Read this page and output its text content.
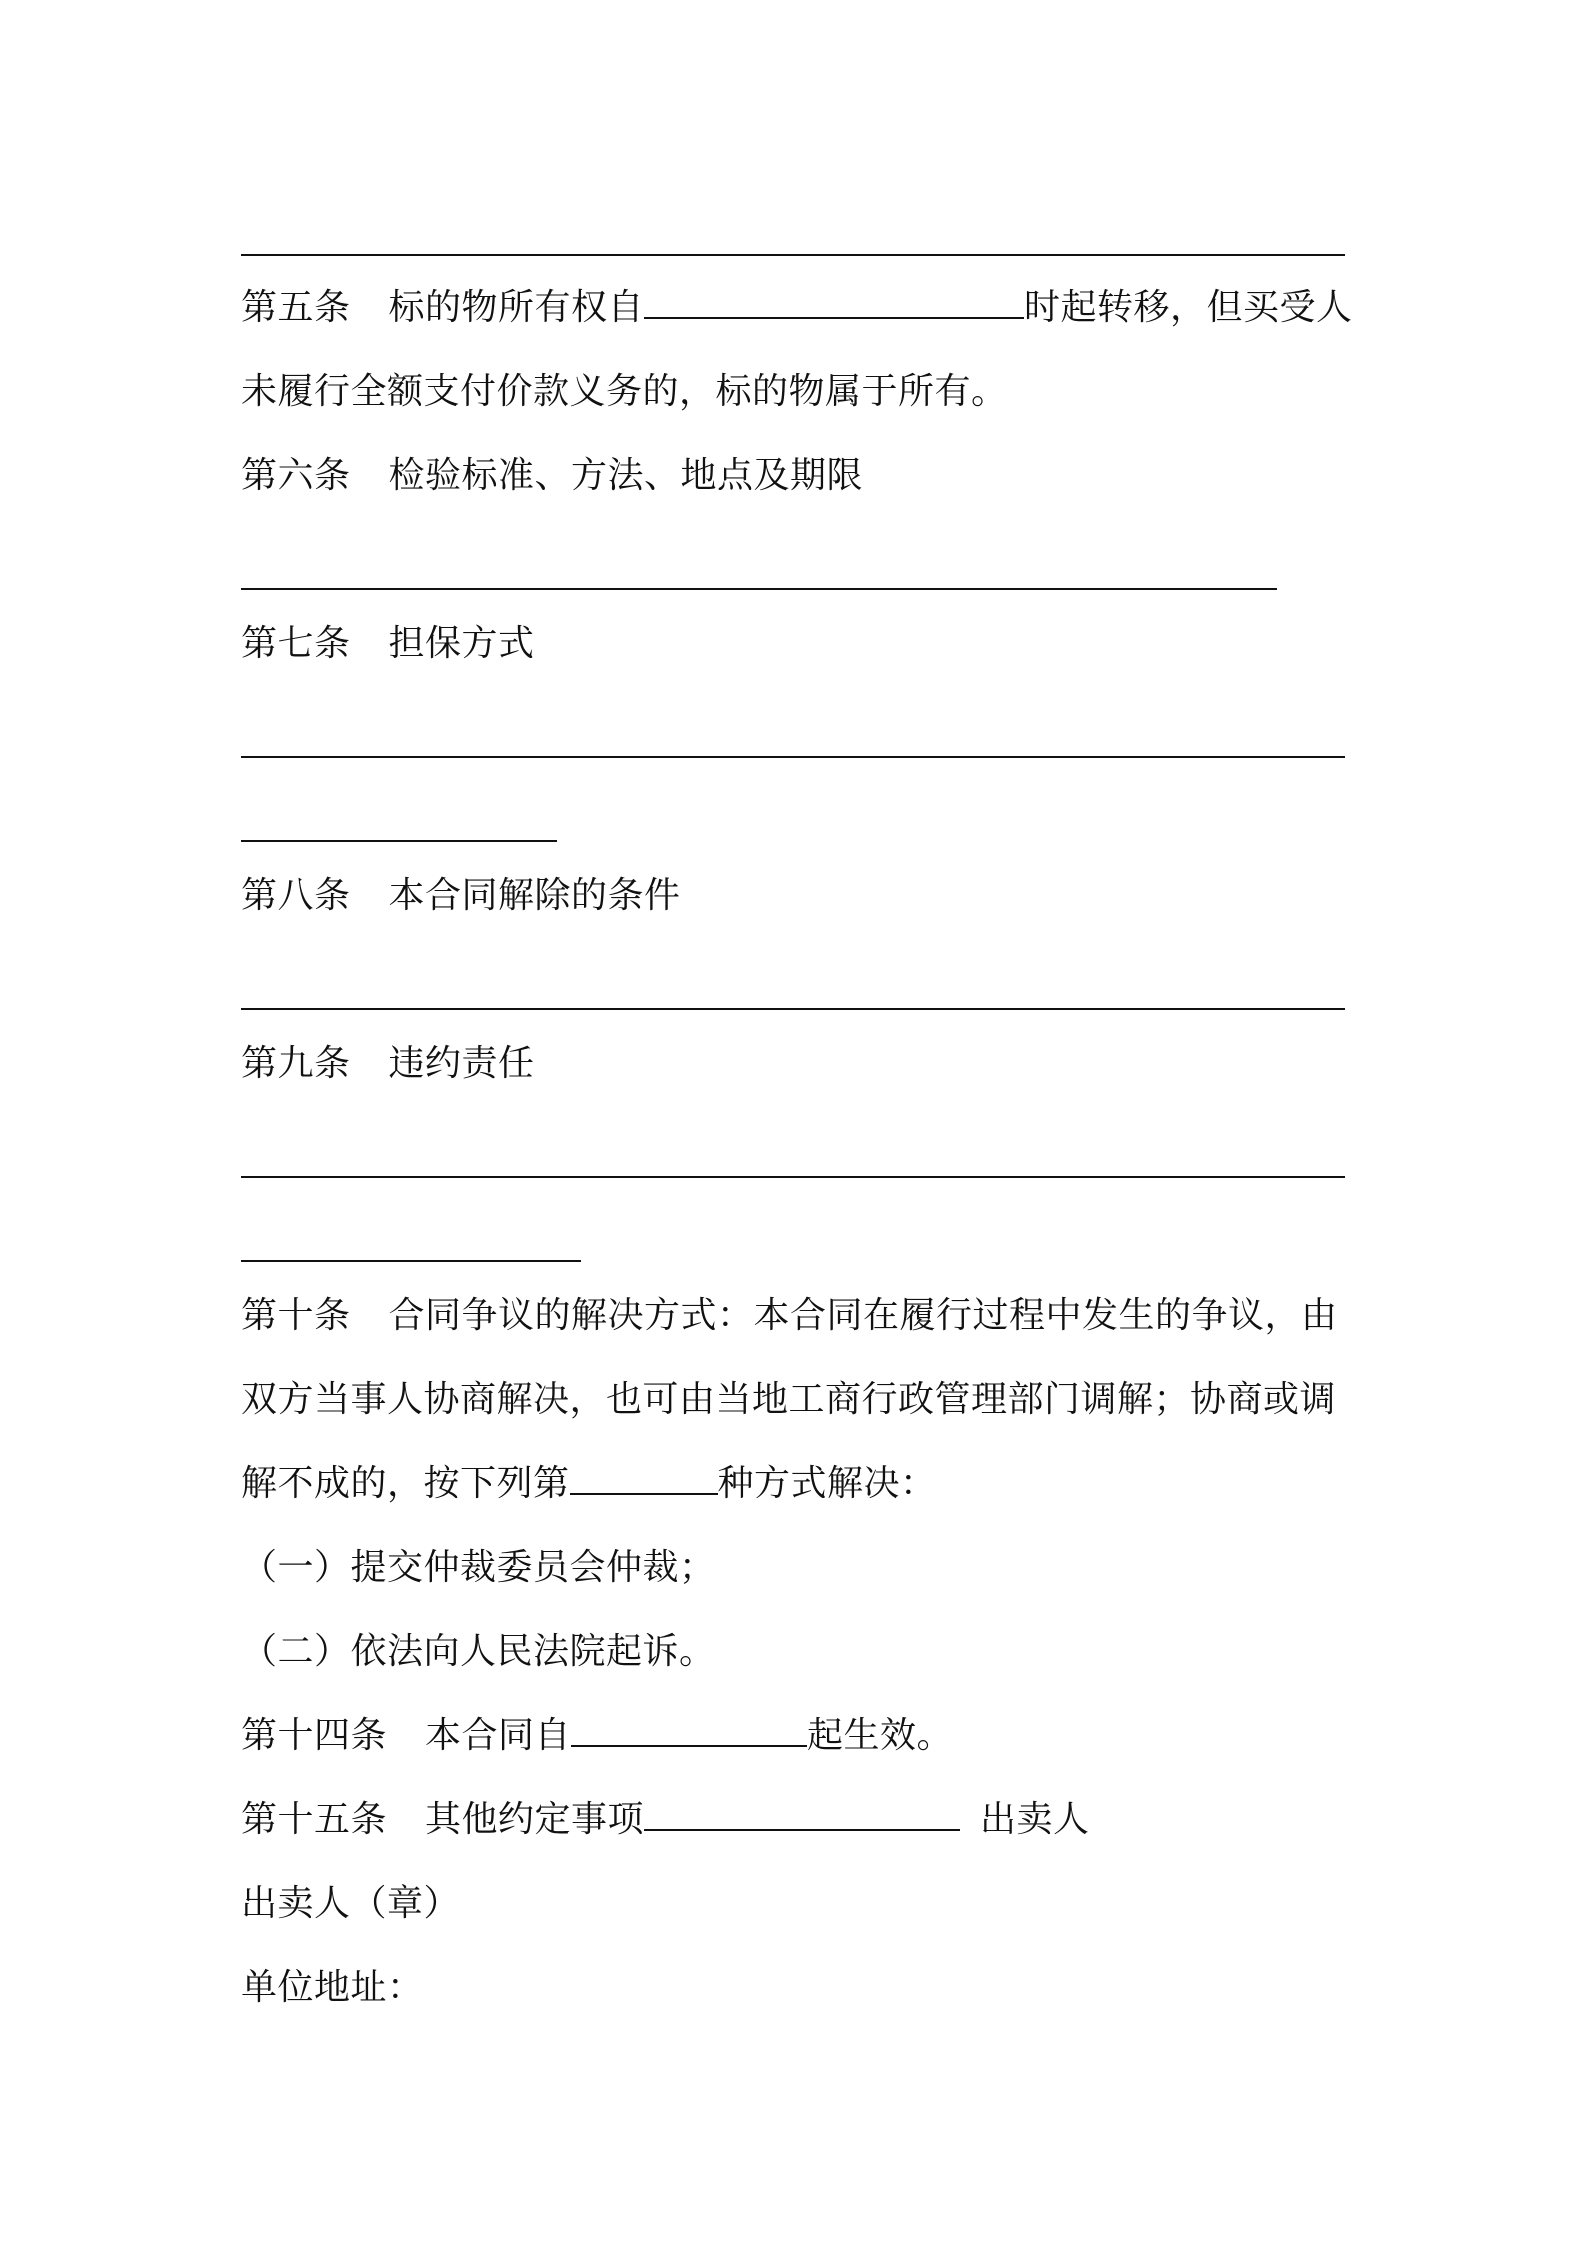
第五条 标的物所有权自	时起转移，但买受人
未履行全额支付价款义务的，标的物属于所有。
第六条 检验标准、方法、地点及期限
第七条 担保方式
第八条 本合同解除的条件
第九条 违约责任
第十条 合同争议的解决方式：本合同在履行过程中发生的争议，由
双方当事人协商解决，也可由当地工商行政管理部门调解；协商或调
解不成的，按下列第	种方式解决：
（一）提交仲裁委员会仲裁；
（二）依法向人民法院起诉。
第十四条 本合同自	起生效。
第十五条 其他约定事项	出卖人
出卖人（章）
单位地址：
